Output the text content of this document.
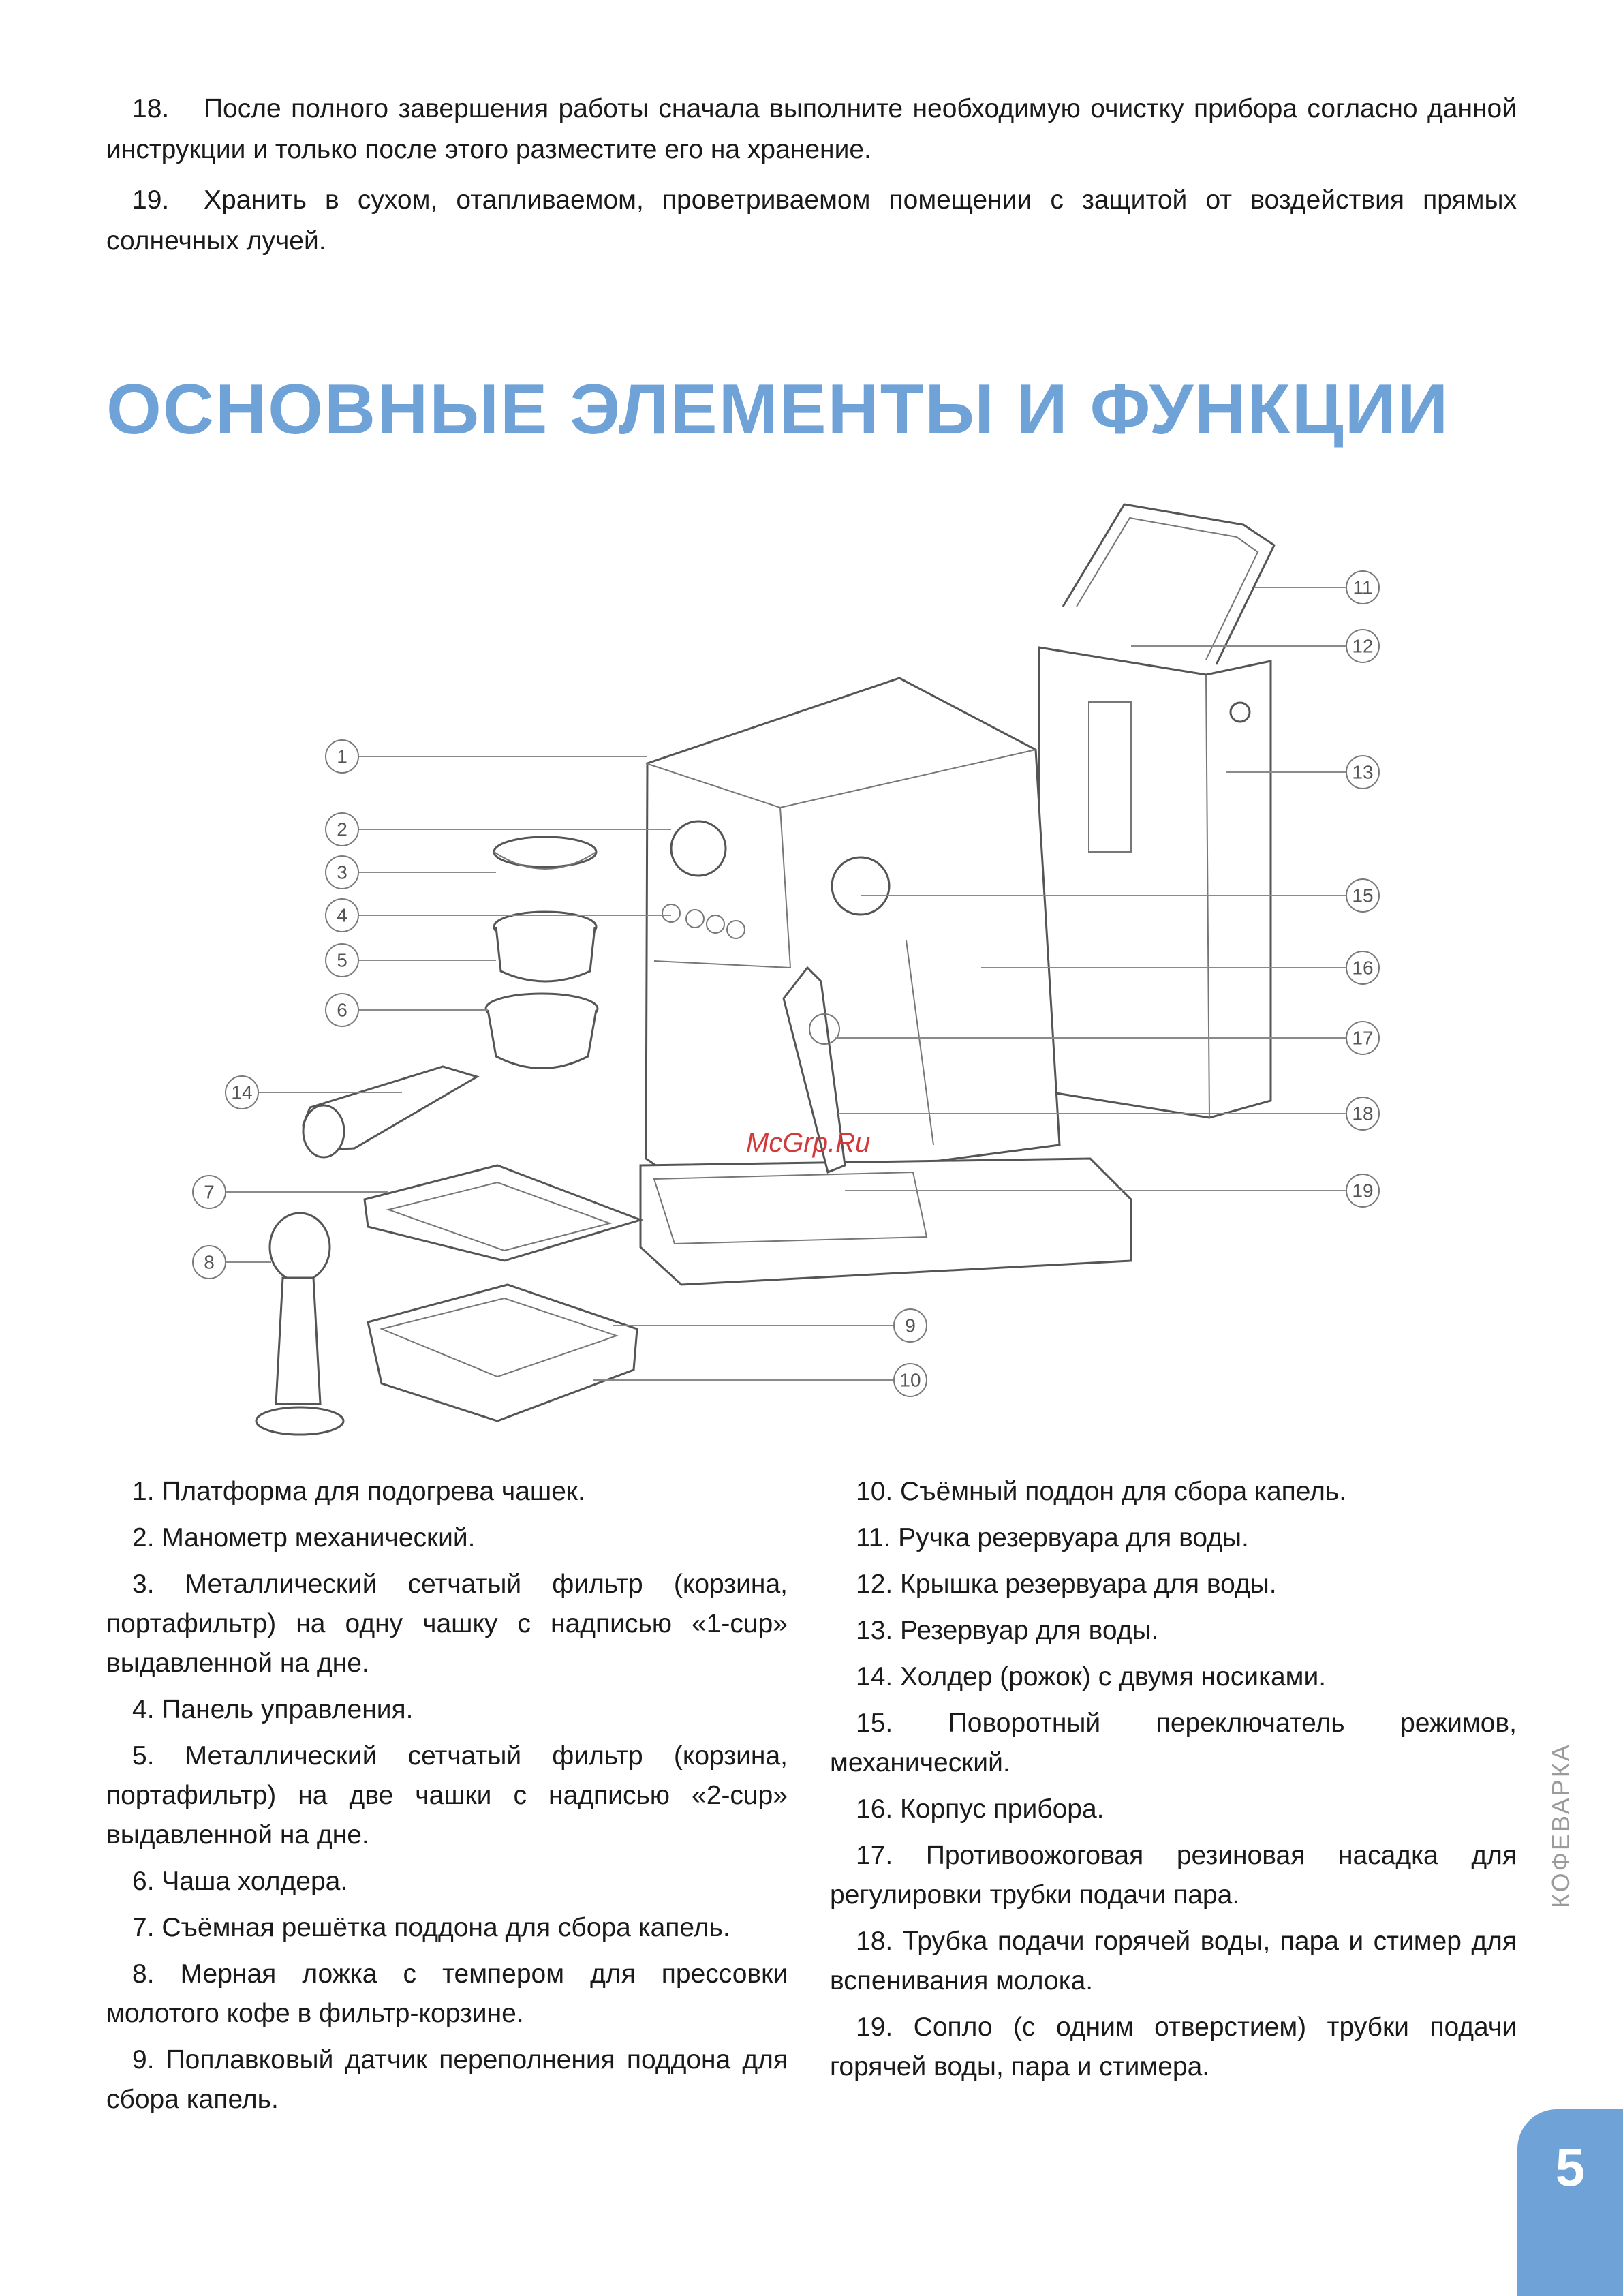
18. После полного завершения работы сначала выполните необходимую очистку прибора согласно данной инструкции и только после этого разместите его на хранение.

19. Хранить в сухом, отапливаемом, проветриваемом помещении с защитой от воздействия прямых солнечных лучей.

ОСНОВНЫЕ ЭЛЕМЕНТЫ И ФУНКЦИИ
McGrp.Ru
1
2
3
4
5
6
7
8
9
10
11
12
13
14
15
16
17
18
19
1. Платформа для подогрева чашек.
2. Манометр механический.
3. Металлический сетчатый фильтр (корзина, портафильтр) на одну чашку с надписью «1-cup» выдавленной на дне.
4. Панель управления.
5. Металлический сетчатый фильтр (корзина, портафильтр) на две чашки с надписью «2-cup» выдавленной на дне.
6. Чаша холдера.
7. Съёмная решётка поддона для сбора капель.
8. Мерная ложка с темпером для прессовки молотого кофе в фильтр-корзине.
9. Поплавковый датчик переполнения поддона для сбора капель.
10. Съёмный поддон для сбора капель.
11. Ручка резервуара для воды.
12. Крышка резервуара для воды.
13. Резервуар для воды.
14. Холдер (рожок) с двумя носиками.
15. Поворотный переключатель режимов, механический.
16. Корпус прибора.
17. Противоожоговая резиновая насадка для регулировки трубки подачи пара.
18. Трубка подачи горячей воды, пара и стимер для вспенивания молока.
19. Сопло (с одним отверстием) трубки подачи горячей воды, пара и стимера.
КОФЕВАРКА
5
